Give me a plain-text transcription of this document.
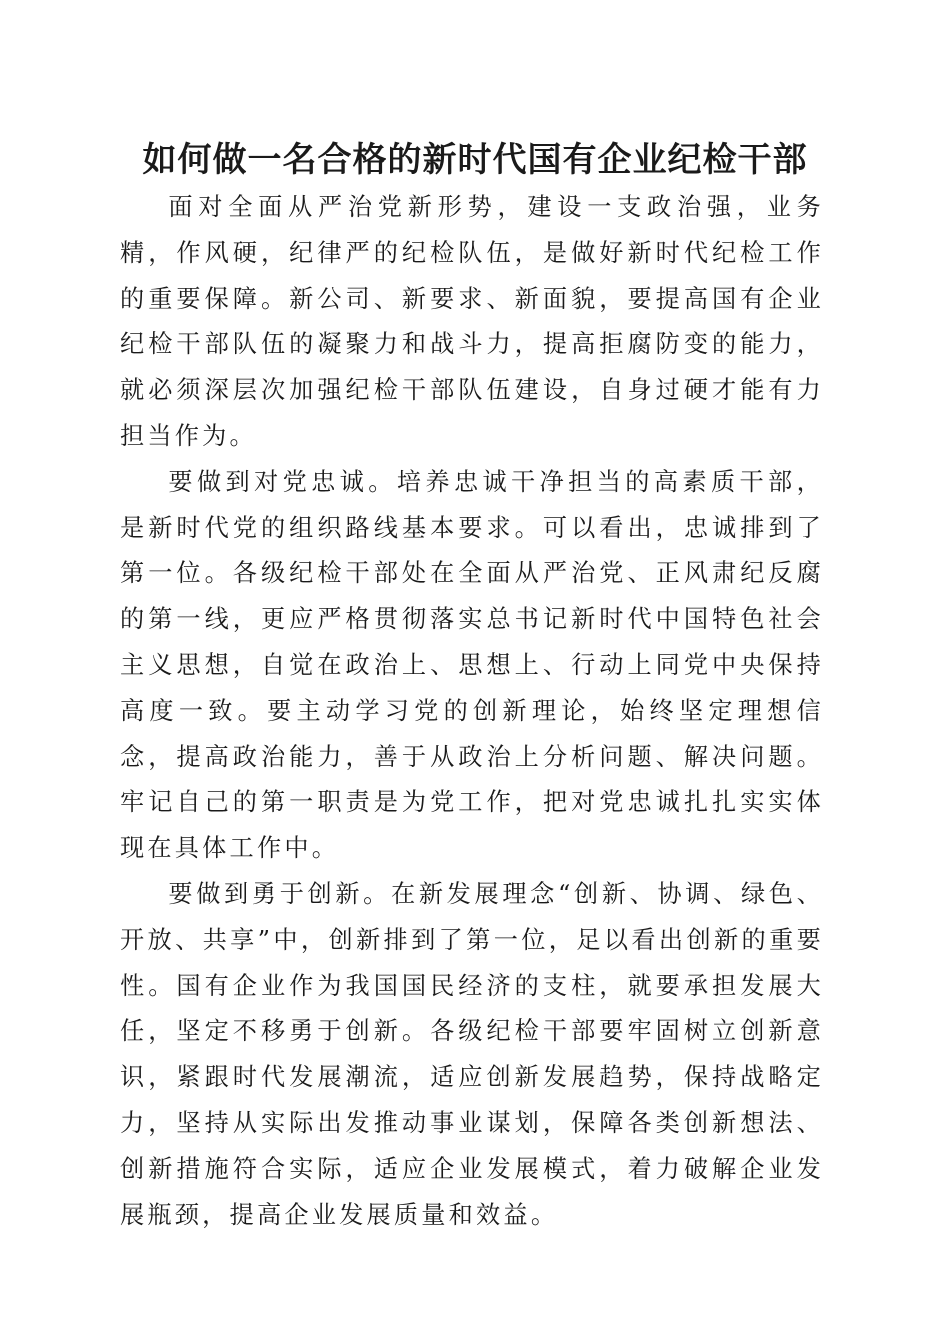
如何做一名合格的新时代国有企业纪检干部

面对全面从严治党新形势，建设一支政治强，业务精，作风硬，纪律严的纪检队伍，是做好新时代纪检工作的重要保障。新公司、新要求、新面貌，要提高国有企业纪检干部队伍的凝聚力和战斗力，提高拒腐防变的能力，就必须深层次加强纪检干部队伍建设，自身过硬才能有力担当作为。

要做到对党忠诚。培养忠诚干净担当的高素质干部，是新时代党的组织路线基本要求。可以看出，忠诚排到了第一位。各级纪检干部处在全面从严治党、正风肃纪反腐的第一线，更应严格贯彻落实总书记新时代中国特色社会主义思想，自觉在政治上、思想上、行动上同党中央保持高度一致。要主动学习党的创新理论，始终坚定理想信念，提高政治能力，善于从政治上分析问题、解决问题。牢记自己的第一职责是为党工作，把对党忠诚扎扎实实体现在具体工作中。

要做到勇于创新。在新发展理念“创新、协调、绿色、开放、共享”中，创新排到了第一位，足以看出创新的重要性。国有企业作为我国国民经济的支柱，就要承担发展大任，坚定不移勇于创新。各级纪检干部要牢固树立创新意识，紧跟时代发展潮流，适应创新发展趋势，保持战略定力，坚持从实际出发推动事业谋划，保障各类创新想法、创新措施符合实际，适应企业发展模式，着力破解企业发展瓶颈，提高企业发展质量和效益。
